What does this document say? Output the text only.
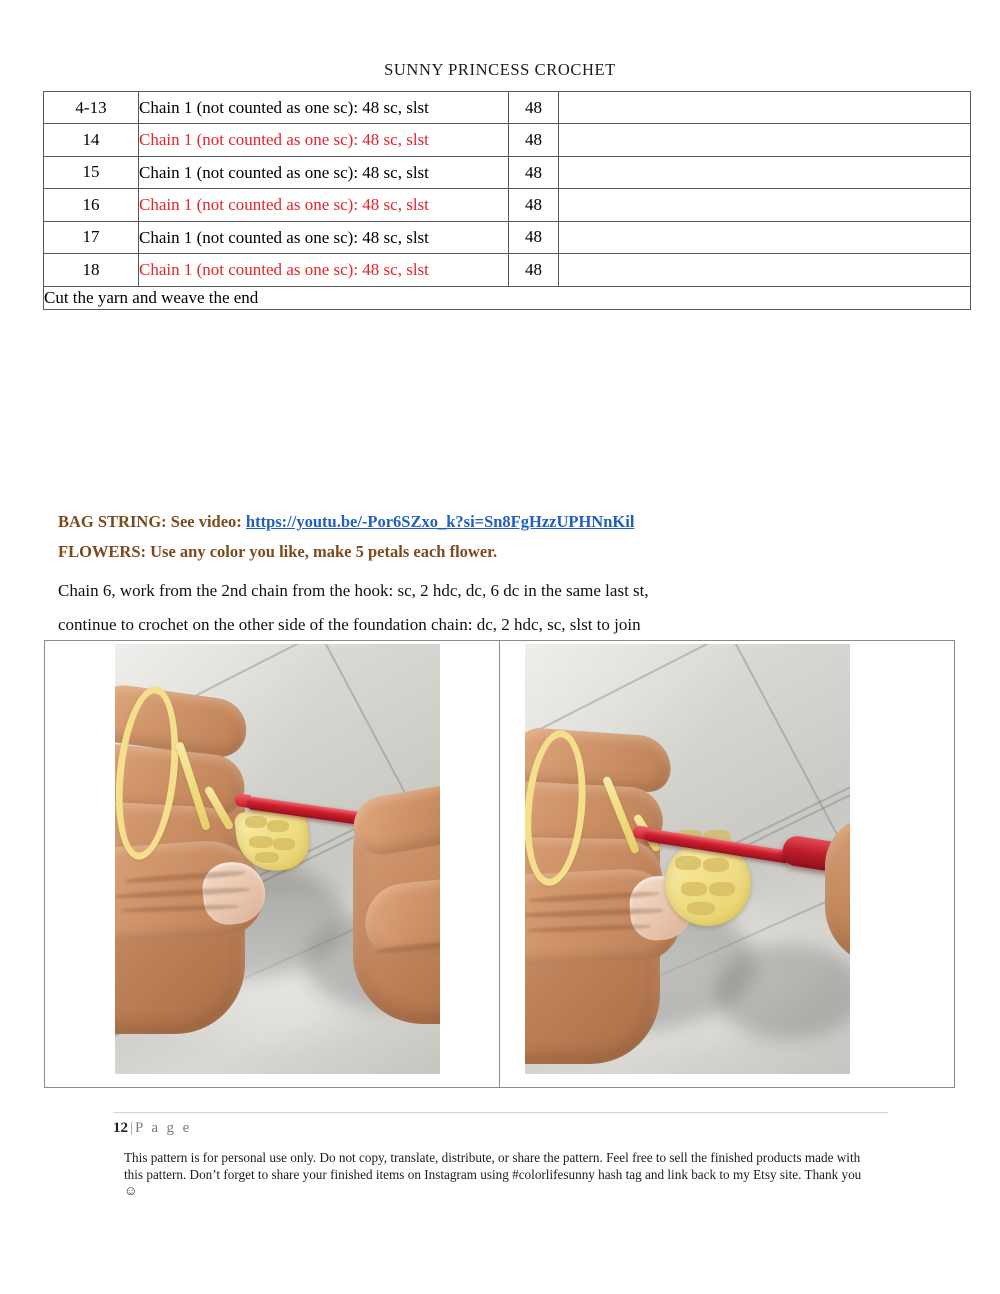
SUNNY PRINCESS CROCHET
4-13	Chain 1 (not counted as one sc): 48 sc, slst	48	
14	Chain 1 (not counted as one sc): 48 sc, slst	48	
15	Chain 1 (not counted as one sc): 48 sc, slst	48	
16	Chain 1 (not counted as one sc): 48 sc, slst	48	
17	Chain 1 (not counted as one sc): 48 sc, slst	48	
18	Chain 1 (not counted as one sc): 48 sc, slst	48	
Cut the yarn and weave the end			
BAG STRING: See video: https://youtu.be/-Por6SZxo_k?si=Sn8FgHzzUPHNnKil
FLOWERS: Use any color you like, make 5 petals each flower.
Chain 6, work from the 2nd chain from the hook: sc, 2 hdc, dc, 6 dc in the same last st,
continue to crochet on the other side of the foundation chain: dc, 2 hdc, sc, slst to join

12 | P a g e
This pattern is for personal use only. Do not copy, translate, distribute, or share the pattern. Feel free to sell the finished products made with this pattern. Don’t forget to share your finished items on Instagram using #colorlifesunny hash tag and link back to my Etsy site. Thank you ☺
